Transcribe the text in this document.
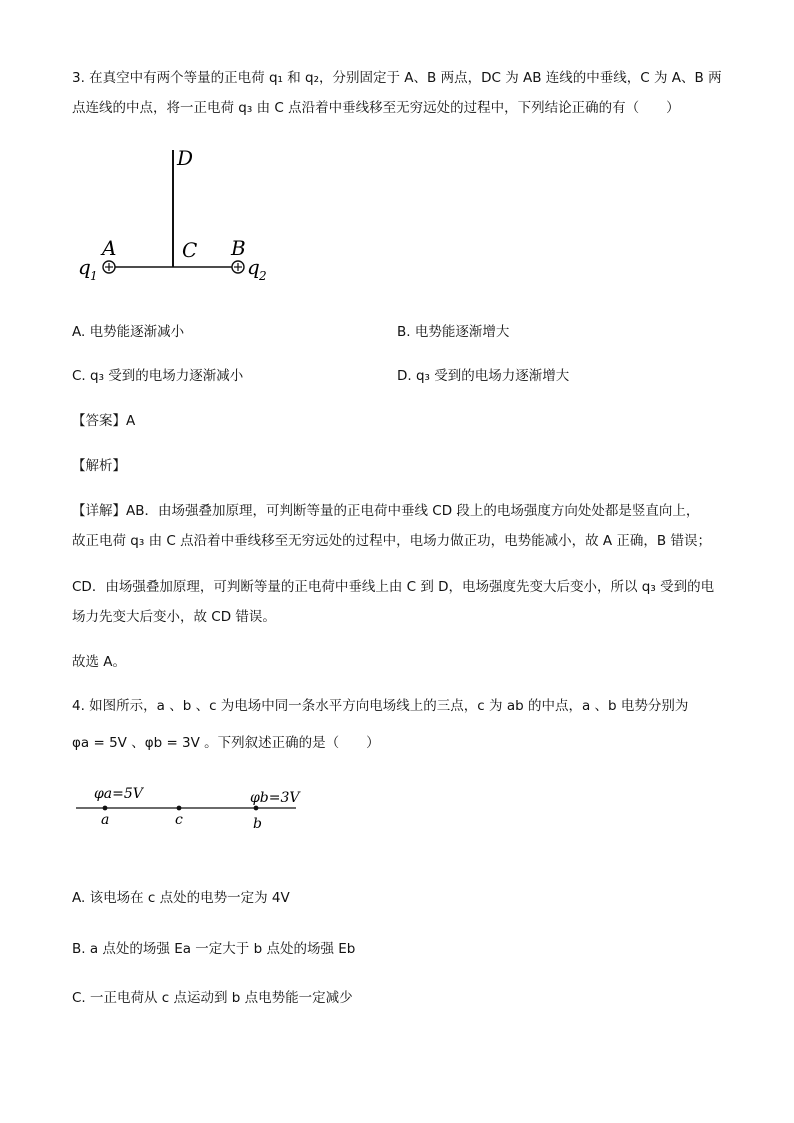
3. 在真空中有两个等量的正电荷 q₁ 和 q₂，分别固定于 A、B 两点，DC 为 AB 连线的中垂线，C 为 A、B 两
点连线的中点，将一正电荷 q₃ 由 C 点沿着中垂线移至无穷远处的过程中，下列结论正确的有（　　）
D
A	C B
q 1	q 2
A. 电势能逐渐减小	B. 电势能逐渐增大
C. q₃ 受到的电场力逐渐减小	D. q₃ 受到的电场力逐渐增大
【答案】A
【解析】
【详解】AB．由场强叠加原理，可判断等量的正电荷中垂线 CD 段上的电场强度方向处处都是竖直向上，
故正电荷 q₃ 由 C 点沿着中垂线移至无穷远处的过程中，电场力做正功，电势能减小，故 A 正确，B 错误；
CD．由场强叠加原理，可判断等量的正电荷中垂线上由 C 到 D，电场强度先变大后变小，所以 q₃ 受到的电
场力先变大后变小，故 CD 错误。
故选 A。
4. 如图所示，a 、b 、c 为电场中同一条水平方向电场线上的三点，c 为 ab 的中点，a 、b 电势分别为
φa = 5V 、φb = 3V 。下列叙述正确的是（　　）
φa=5V	φb=3V
a	c	b
A. 该电场在 c 点处的电势一定为 4V
B. a 点处的场强 Ea 一定大于 b 点处的场强 Eb
C. 一正电荷从 c 点运动到 b 点电势能一定减少
